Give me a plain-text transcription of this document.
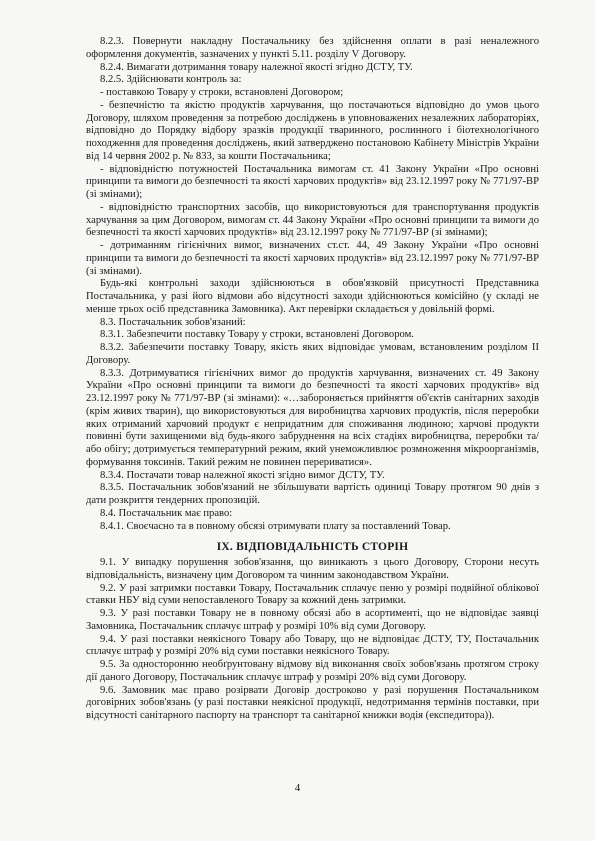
8.2.3. Повернути накладну Постачальнику без здійснення оплати в разі неналежного оформлення документів, зазначених у пункті 5.11. розділу V Договору.

8.2.4. Вимагати дотримання товару належної якості згідно ДСТУ, ТУ.

8.2.5. Здійснювати контроль за:

- поставкою Товару у строки, встановлені Договором;

- безпечністю та якістю продуктів харчування, що постачаються відповідно до умов цього Договору, шляхом проведення за потребою досліджень в уповноважених незалежних лабораторіях, відповідно до Порядку відбору зразків продукції тваринного, рослинного і біотехнологічного походження для проведення досліджень, який затверджено постановою Кабінету Міністрів України від 14 червня 2002 р. № 833, за кошти Постачальника;

- відповідністю потужностей Постачальника вимогам ст. 41 Закону України «Про основні принципи та вимоги до безпечності та якості харчових продуктів» від 23.12.1997 року № 771/97-ВР (зі змінами);

- відповідністю транспортних засобів, що використовуються для транспортування продуктів харчування за цим Договором, вимогам ст. 44 Закону України «Про основні принципи та вимоги до безпечності та якості харчових продуктів» від 23.12.1997 року № 771/97-ВР (зі змінами);

- дотриманням гігієнічних вимог, визначених ст.ст. 44, 49 Закону України «Про основні принципи та вимоги до безпечності та якості харчових продуктів» від 23.12.1997 року № 771/97-ВР (зі змінами).

Будь-які контрольні заходи здійснюються в обов'язковій присутності Представника Постачальника, у разі його відмови або відсутності заходи здійснюються комісійно (у складі не менше трьох осіб представника Замовника). Акт перевірки складається у довільній формі.

8.3. Постачальник зобов'язаний:

8.3.1. Забезпечити поставку Товару у строки, встановлені Договором.

8.3.2. Забезпечити поставку Товару, якість яких відповідає умовам, встановленим розділом II Договору.

8.3.3. Дотримуватися гігієнічних вимог до продуктів харчування, визначених ст. 49 Закону України «Про основні принципи та вимоги до безпечності та якості харчових продуктів» від 23.12.1997 року № 771/97-ВР (зі змінами): «…забороняється прийняття об'єктів санітарних заходів (крім живих тварин), що використовуються для виробництва харчових продуктів, після переробки яких отриманий харчовий продукт є непридатним для споживання людиною; харчові продукти повинні бути захищеними від будь-якого забруднення на всіх стадіях виробництва, переробки та/або обігу; дотримується температурний режим, який унеможливлює розмноження мікроорганізмів, формування токсинів. Такий режим не повинен перериватися».

8.3.4. Постачати товар належної якості згідно вимог ДСТУ, ТУ.

8.3.5. Постачальник зобов'язаний не збільшувати вартість одиниці Товару протягом 90 днів з дати розкриття тендерних пропозицій.

8.4. Постачальник має право:

8.4.1. Своєчасно та в повному обсязі отримувати плату за поставлений Товар.

IX. ВІДПОВІДАЛЬНІСТЬ СТОРІН

9.1. У випадку порушення зобов'язання, що виникають з цього Договору, Сторони несуть відповідальність, визначену цим Договором та чинним законодавством України.

9.2. У разі затримки поставки Товару, Постачальник сплачує пеню у розмірі подвійної облікової ставки НБУ від суми непоставленого Товару за кожний день затримки.

9.3. У разі поставки Товару не в повному обсязі або в асортименті, що не відповідає заявці Замовника, Постачальник сплачує штраф у розмірі 10% від суми Договору.

9.4. У разі поставки неякісного Товару або Товару, що не відповідає ДСТУ, ТУ, Постачальник сплачує штраф у розмірі 20% від суми поставки неякісного Товару.

9.5. За односторонню необґрунтовану відмову від виконання своїх зобов'язань протягом строку дії даного Договору, Постачальник сплачує штраф у розмірі 20% від суми Договору.

9.6. Замовник має право розірвати Договір достроково у разі порушення Постачальником договірних зобов'язань (у разі поставки неякісної продукції, недотримання термінів поставки, при відсутності санітарного паспорту на транспорт та санітарної книжки водія (експедитора)).

4
